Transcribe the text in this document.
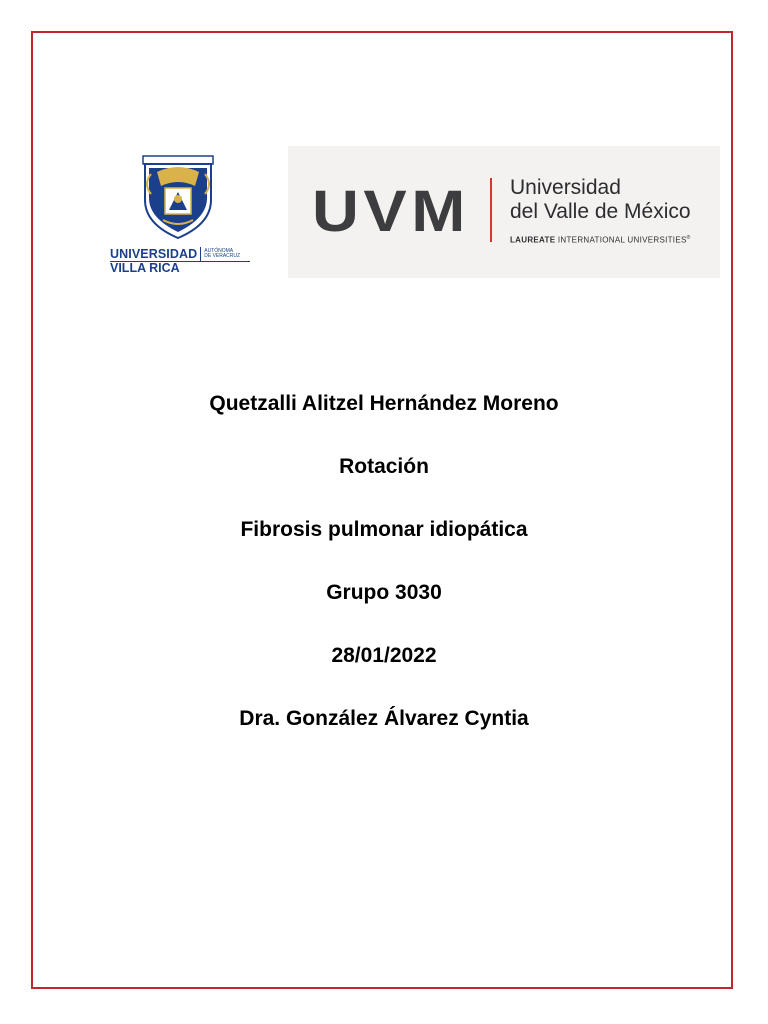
UNIVERSIDAD AUTÓNOMA
DE VERACRUZ
VILLA RICA
UVM Universidad
del Valle de México
LAUREATE INTERNATIONAL UNIVERSITIES®
Quetzalli Alitzel Hernández Moreno
Rotación
Fibrosis pulmonar idiopática
Grupo 3030
28/01/2022
Dra. González Álvarez Cyntia
